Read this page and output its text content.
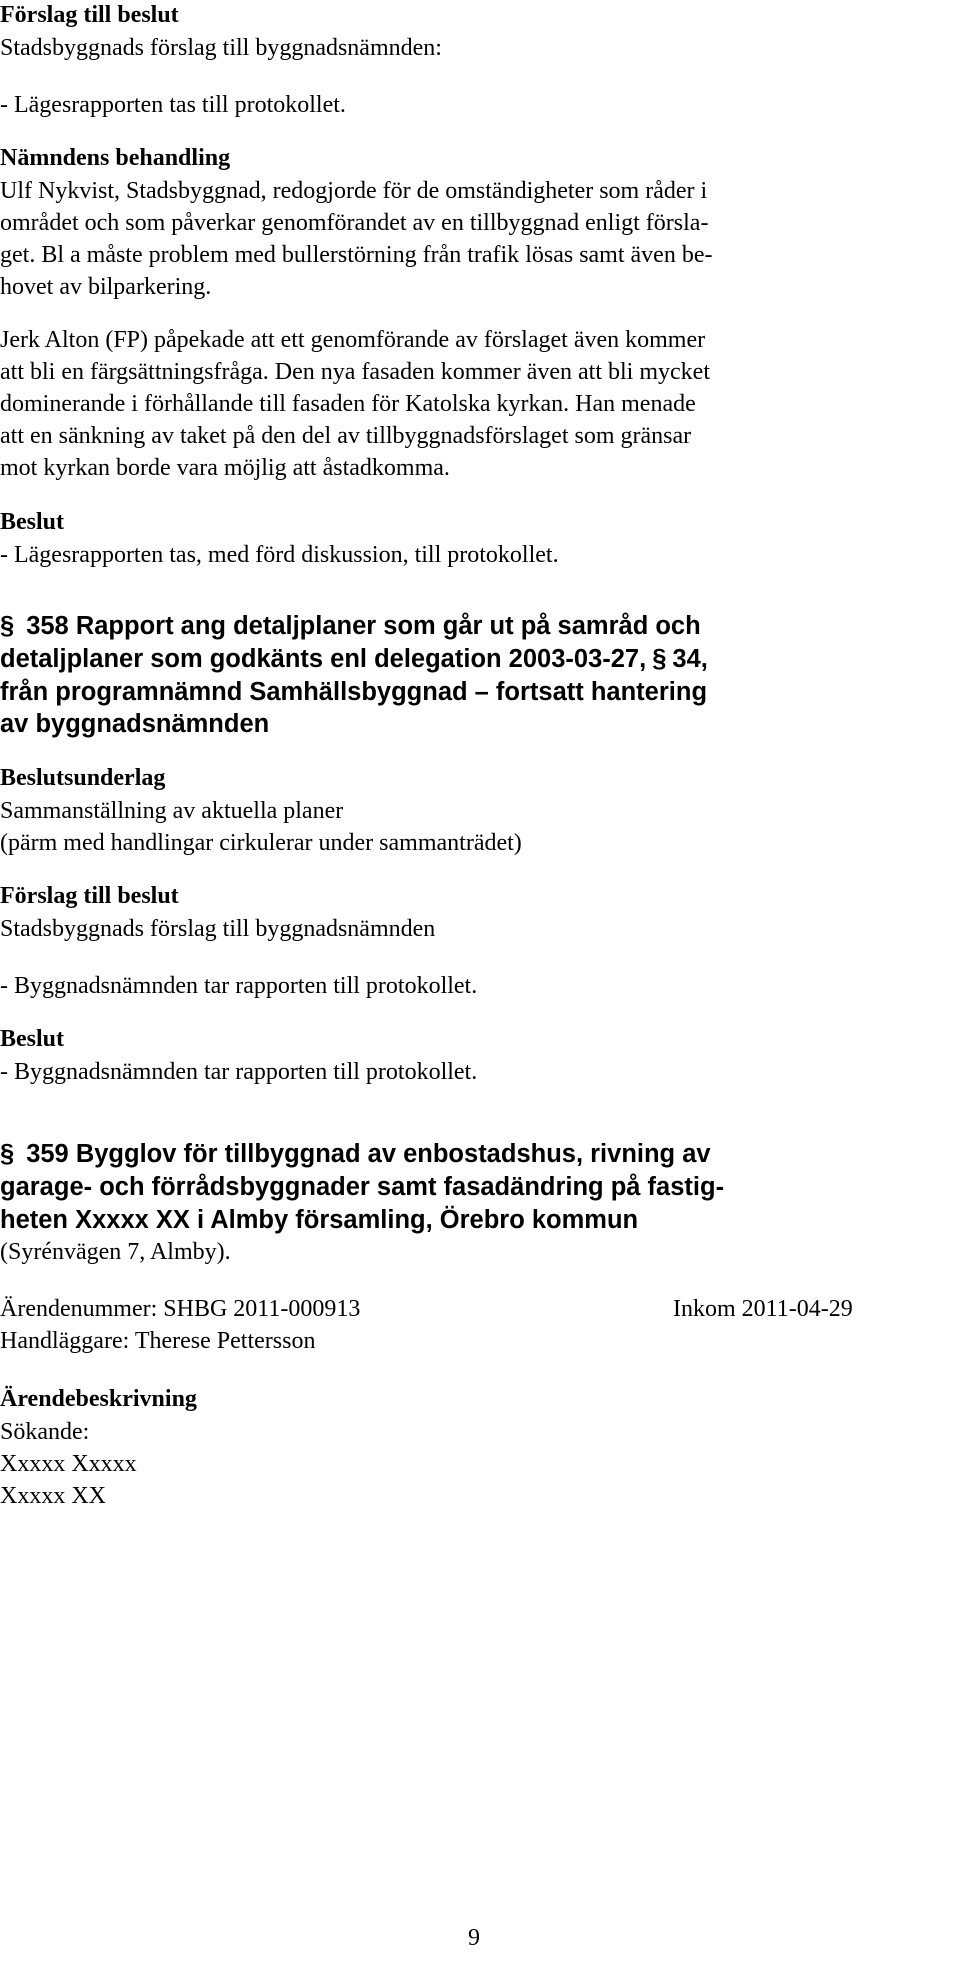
Förslag till beslut
Stadsbyggnads förslag till byggnadsnämnden:
- Lägesrapporten tas till protokollet.
Nämndens behandling
Ulf Nykvist, Stadsbyggnad, redogjorde för de omständigheter som råder i
området och som påverkar genomförandet av en tillbyggnad enligt försla-
get. Bl a måste problem med bullerstörning från trafik lösas samt även be-
hovet av bilparkering.
Jerk Alton (FP) påpekade att ett genomförande av förslaget även kommer
att bli en färgsättningsfråga. Den nya fasaden kommer även att bli mycket
dominerande i förhållande till fasaden för Katolska kyrkan. Han menade
att en sänkning av taket på den del av tillbyggnadsförslaget som gränsar
mot kyrkan borde vara möjlig att åstadkomma.
Beslut
- Lägesrapporten tas, med förd diskussion, till protokollet.
§ 358 Rapport ang detaljplaner som går ut på samråd och
detaljplaner som godkänts enl delegation 2003-03-27, § 34,
från programnämnd Samhällsbyggnad – fortsatt hantering
av byggnadsnämnden
Beslutsunderlag
Sammanställning av aktuella planer
(pärm med handlingar cirkulerar under sammanträdet)
Förslag till beslut
Stadsbyggnads förslag till byggnadsnämnden
- Byggnadsnämnden tar rapporten till protokollet.
Beslut
- Byggnadsnämnden tar rapporten till protokollet.
§ 359 Bygglov för tillbyggnad av enbostadshus, rivning av
garage- och förrådsbyggnader samt fasadändring på fastig-
heten Xxxxx XX i Almby församling, Örebro kommun
(Syrénvägen 7, Almby).
Ärendenummer: SHBG 2011-000913	Inkom 2011-04-29
Handläggare: Therese Pettersson
Ärendebeskrivning
Sökande:
Xxxxx Xxxxx
Xxxxx XX
9
